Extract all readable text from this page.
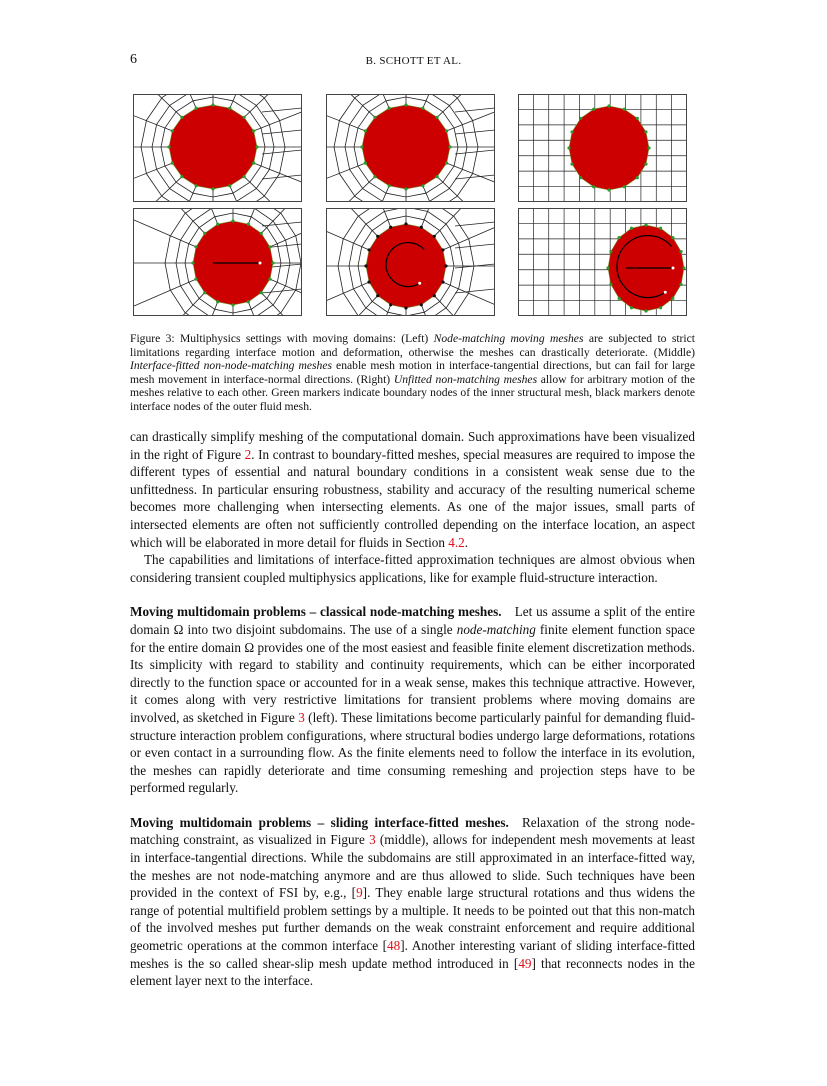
6	B. SCHOTT ET AL.
Figure 3: Multiphysics settings with moving domains: (Left) Node-matching moving meshes are subjected to strict limitations regarding interface motion and deformation, otherwise the meshes can drastically deteriorate. (Middle) Interface-fitted non-node-matching meshes enable mesh motion in interface-tangential directions, but can fail for large mesh movement in interface-normal directions. (Right) Unfitted non-matching meshes allow for arbitrary motion of the meshes relative to each other. Green markers indicate boundary nodes of the inner structural mesh, black markers denote interface nodes of the outer fluid mesh.

can drastically simplify meshing of the computational domain. Such approximations have been visualized in the right of Figure 2. In contrast to boundary-fitted meshes, special measures are required to impose the different types of essential and natural boundary conditions in a consistent weak sense due to the unfittedness. In particular ensuring robustness, stability and accuracy of the resulting numerical scheme becomes more challenging when intersecting elements. As one of the major issues, small parts of intersected elements are often not sufficiently controlled depending on the interface location, an aspect which will be elaborated in more detail for fluids in Section 4.2.

The capabilities and limitations of interface-fitted approximation techniques are almost obvious when considering transient coupled multiphysics applications, like for example fluid-structure interaction.

Moving multidomain problems – classical node-matching meshes. Let us assume a split of the entire domain Ω into two disjoint subdomains. The use of a single node-matching finite element function space for the entire domain Ω provides one of the most easiest and feasible finite element discretization methods. Its simplicity with regard to stability and continuity requirements, which can be either incorporated directly to the function space or accounted for in a weak sense, makes this technique attractive. However, it comes along with very restrictive limitations for transient problems where moving domains are involved, as sketched in Figure 3 (left). These limitations become particularly painful for demanding fluid-structure interaction problem configurations, where structural bodies undergo large deformations, rotations or even contact in a surrounding flow. As the finite elements need to follow the interface in its evolution, the meshes can rapidly deteriorate and time consuming remeshing and projection steps have to be performed regularly.

Moving multidomain problems – sliding interface-fitted meshes. Relaxation of the strong node-matching constraint, as visualized in Figure 3 (middle), allows for independent mesh movements at least in interface-tangential directions. While the subdomains are still approximated in an interface-fitted way, the meshes are not node-matching anymore and are thus allowed to slide. Such techniques have been provided in the context of FSI by, e.g., [9]. They enable large structural rotations and thus widens the range of potential multifield problem settings by a multiple. It needs to be pointed out that this non-match of the involved meshes put further demands on the weak constraint enforcement and require additional geometric operations at the common interface [48]. Another interesting variant of sliding interface-fitted meshes is the so called shear-slip mesh update method introduced in [49] that reconnects nodes in the element layer next to the interface.
